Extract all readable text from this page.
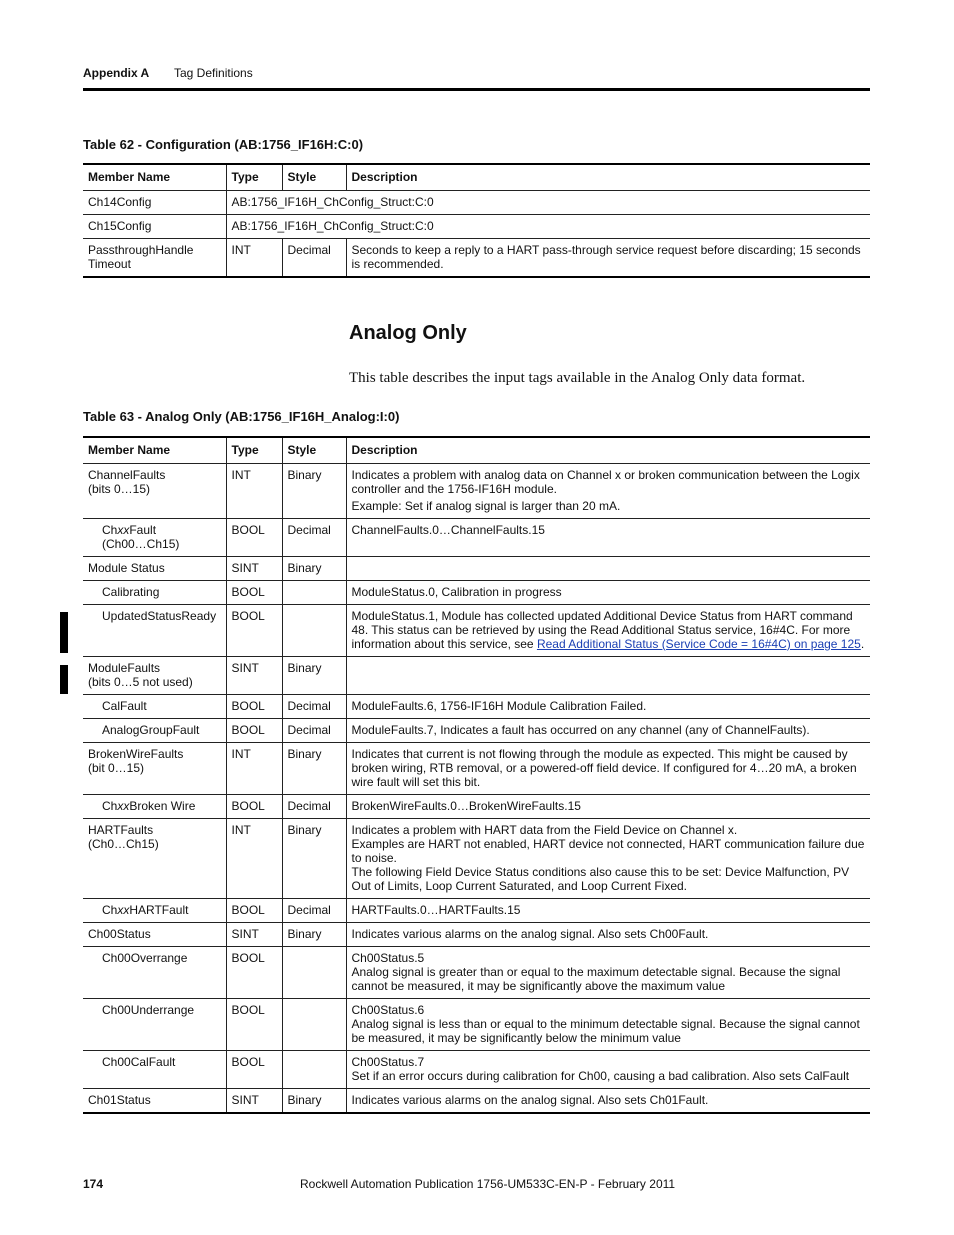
Appendix A Tag Definitions
Table 62 - Configuration (AB:1756_IF16H:C:0)
Member Name	Type	Style	Description
Ch14Config	AB:1756_IF16H_ChConfig_Struct:C:0		
Ch15Config	AB:1756_IF16H_ChConfig_Struct:C:0		

PassthroughHandle
Timeout	INT	Decimal	Seconds to keep a reply to a HART pass-through service request before discarding; 15 seconds is recommended.
Analog Only
This table describes the input tags available in the Analog Only data format.
Table 63 - Analog Only (AB:1756_IF16H_Analog:I:0)
Member Name	Type	Style	Description

ChannelFaults
(bits 0…15)	INT	Binary	Indicates a problem with analog data on Channel x or broken communication between the Logix controller and the 1756-IF16H module.
Example: Set if analog signal is larger than 20 mA.

ChxxFault
(Ch00…Ch15)	BOOL	Decimal	ChannelFaults.0…ChannelFaults.15
Module Status	SINT	Binary	
Calibrating	BOOL		ModuleStatus.0, Calibration in progress
UpdatedStatusReady	BOOL		ModuleStatus.1, Module has collected updated Additional Device Status from HART command 48. This status can be retrieved by using the Read Additional Status service, 16#4C. For more information about this service, see Read Additional Status (Service Code = 16#4C) on page 125.

ModuleFaults
(bits 0…5 not used)	SINT	Binary	
CalFault	BOOL	Decimal	ModuleFaults.6, 1756-IF16H Module Calibration Failed.
AnalogGroupFault	BOOL	Decimal	ModuleFaults.7, Indicates a fault has occurred on any channel (any of ChannelFaults).

BrokenWireFaults
(bit 0…15)	INT	Binary	Indicates that current is not flowing through the module as expected. This might be caused by broken wiring, RTB removal, or a powered-off field device. If configured for 4…20 mA, a broken wire fault will set this bit.
ChxxBroken Wire	BOOL	Decimal	BrokenWireFaults.0…BrokenWireFaults.15

HARTFaults
(Ch0…Ch15)	INT	Binary	Indicates a problem with HART data from the Field Device on Channel x.
Examples are HART not enabled, HART device not connected, HART communication failure due to noise.
The following Field Device Status conditions also cause this to be set: Device Malfunction, PV Out of Limits, Loop Current Saturated, and Loop Current Fixed.

ChxxHARTFault	BOOL	Decimal	HARTFaults.0…HARTFaults.15
Ch00Status	SINT	Binary	Indicates various alarms on the analog signal. Also sets Ch00Fault.
Ch00Overrange	BOOL		Ch00Status.5
Analog signal is greater than or equal to the maximum detectable signal. Because the signal cannot be measured, it may be significantly above the maximum value

Ch00Underrange	BOOL		Ch00Status.6
Analog signal is less than or equal to the minimum detectable signal. Because the signal cannot be measured, it may be significantly below the minimum value

Ch00CalFault	BOOL		Ch00Status.7
Set if an error occurs during calibration for Ch00, causing a bad calibration. Also sets CalFault

Ch01Status	SINT	Binary	Indicates various alarms on the analog signal. Also sets Ch01Fault.
174	Rockwell Automation Publication 1756-UM533C-EN-P - February 2011
